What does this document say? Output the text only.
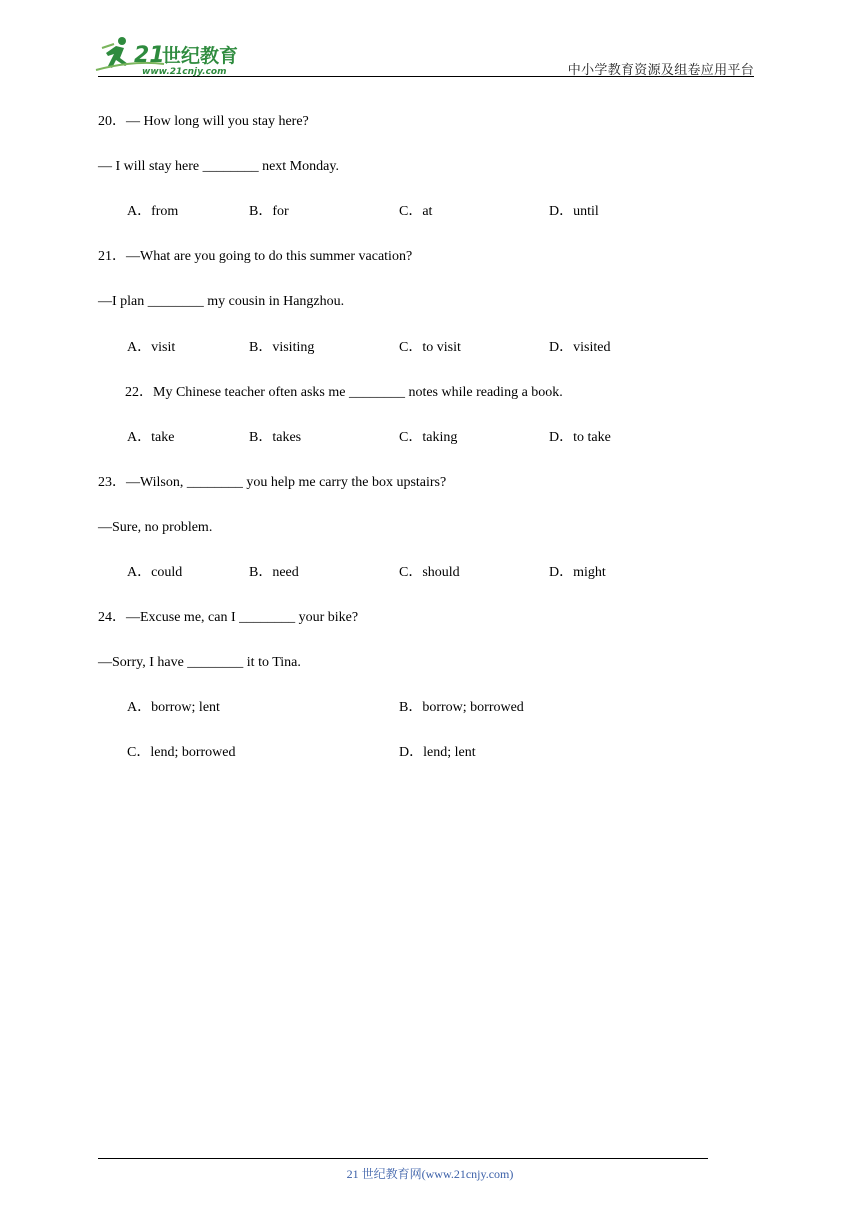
21
世纪教育
www.21cnjy.com	中小学教育资源及组卷应用平台
20．— How long will you stay here?
— I will stay here ________ next Monday.
A．from	B．for	C．at	D．until
21．—What are you going to do this summer vacation?
—I plan ________ my cousin in Hangzhou.
A．visit	B．visiting	C．to visit	D．visited
22．My Chinese teacher often asks me ________ notes while reading a book.
A．take	B．takes	C．taking	D．to take
23．—Wilson, ________ you help me carry the box upstairs?
—Sure, no problem.
A．could	B．need	C．should	D．might
24．—Excuse me, can I ________ your bike?
—Sorry, I have ________ it to Tina.
A．borrow; lent	B．borrow; borrowed
C．lend; borrowed	D．lend; lent
21 世纪教育网(www.21cnjy.com)
